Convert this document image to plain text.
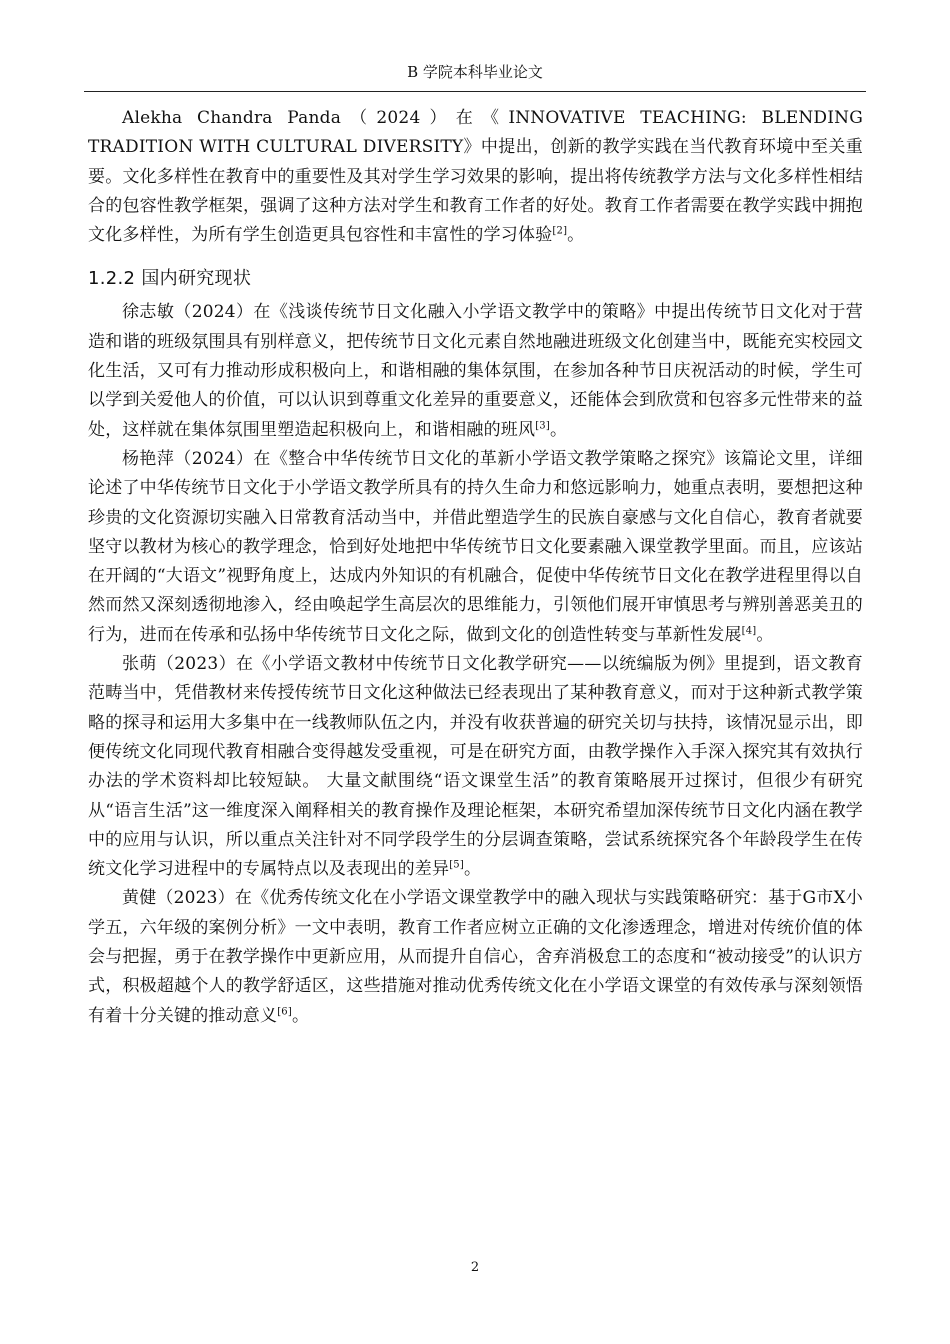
B 学院本科毕业论文

Alekha Chandra Panda（2024）在《INNOVATIVE TEACHING: BLENDING TRADITION WITH CULTURAL DIVERSITY》中提出，创新的教学实践在当代教育环境中至关重要。文化多样性在教育中的重要性及其对学生学习效果的影响，提出将传统教学方法与文化多样性相结合的包容性教学框架，强调了这种方法对学生和教育工作者的好处。教育工作者需要在教学实践中拥抱文化多样性，为所有学生创造更具包容性和丰富性的学习体验[2]。

1.2.2 国内研究现状

徐志敏（2024）在《浅谈传统节日文化融入小学语文教学中的策略》中提出传统节日文化对于营造和谐的班级氛围具有别样意义，把传统节日文化元素自然地融进班级文化创建当中，既能充实校园文化生活，又可有力推动形成积极向上，和谐相融的集体氛围，在参加各种节日庆祝活动的时候，学生可以学到关爱他人的价值，可以认识到尊重文化差异的重要意义，还能体会到欣赏和包容多元性带来的益处，这样就在集体氛围里塑造起积极向上，和谐相融的班风[3]。

杨艳萍（2024）在《整合中华传统节日文化的革新小学语文教学策略之探究》该篇论文里，详细论述了中华传统节日文化于小学语文教学所具有的持久生命力和悠远影响力，她重点表明，要想把这种珍贵的文化资源切实融入日常教育活动当中，并借此塑造学生的民族自豪感与文化自信心，教育者就要坚守以教材为核心的教学理念，恰到好处地把中华传统节日文化要素融入课堂教学里面。而且，应该站在开阔的“大语文”视野角度上，达成内外知识的有机融合，促使中华传统节日文化在教学进程里得以自然而然又深刻透彻地渗入，经由唤起学生高层次的思维能力，引领他们展开审慎思考与辨别善恶美丑的行为，进而在传承和弘扬中华传统节日文化之际，做到文化的创造性转变与革新性发展[4]。

张萌（2023）在《小学语文教材中传统节日文化教学研究——以统编版为例》里提到，语文教育范畴当中，凭借教材来传授传统节日文化这种做法已经表现出了某种教育意义，而对于这种新式教学策略的探寻和运用大多集中在一线教师队伍之内，并没有收获普遍的研究关切与扶持，该情况显示出，即便传统文化同现代教育相融合变得越发受重视，可是在研究方面，由教学操作入手深入探究其有效执行办法的学术资料却比较短缺。 大量文献围绕“语文课堂生活”的教育策略展开过探讨，但很少有研究从“语言生活”这一维度深入阐释相关的教育操作及理论框架，本研究希望加深传统节日文化内涵在教学中的应用与认识，所以重点关注针对不同学段学生的分层调查策略，尝试系统探究各个年龄段学生在传统文化学习进程中的专属特点以及表现出的差异[5]。

黄健（2023）在《优秀传统文化在小学语文课堂教学中的融入现状与实践策略研究：基于G市X小学五，六年级的案例分析》一文中表明，教育工作者应树立正确的文化渗透理念，增进对传统价值的体会与把握，勇于在教学操作中更新应用，从而提升自信心，舍弃消极怠工的态度和“被动接受”的认识方式，积极超越个人的教学舒适区，这些措施对推动优秀传统文化在小学语文课堂的有效传承与深刻领悟有着十分关键的推动意义[6]。

2
